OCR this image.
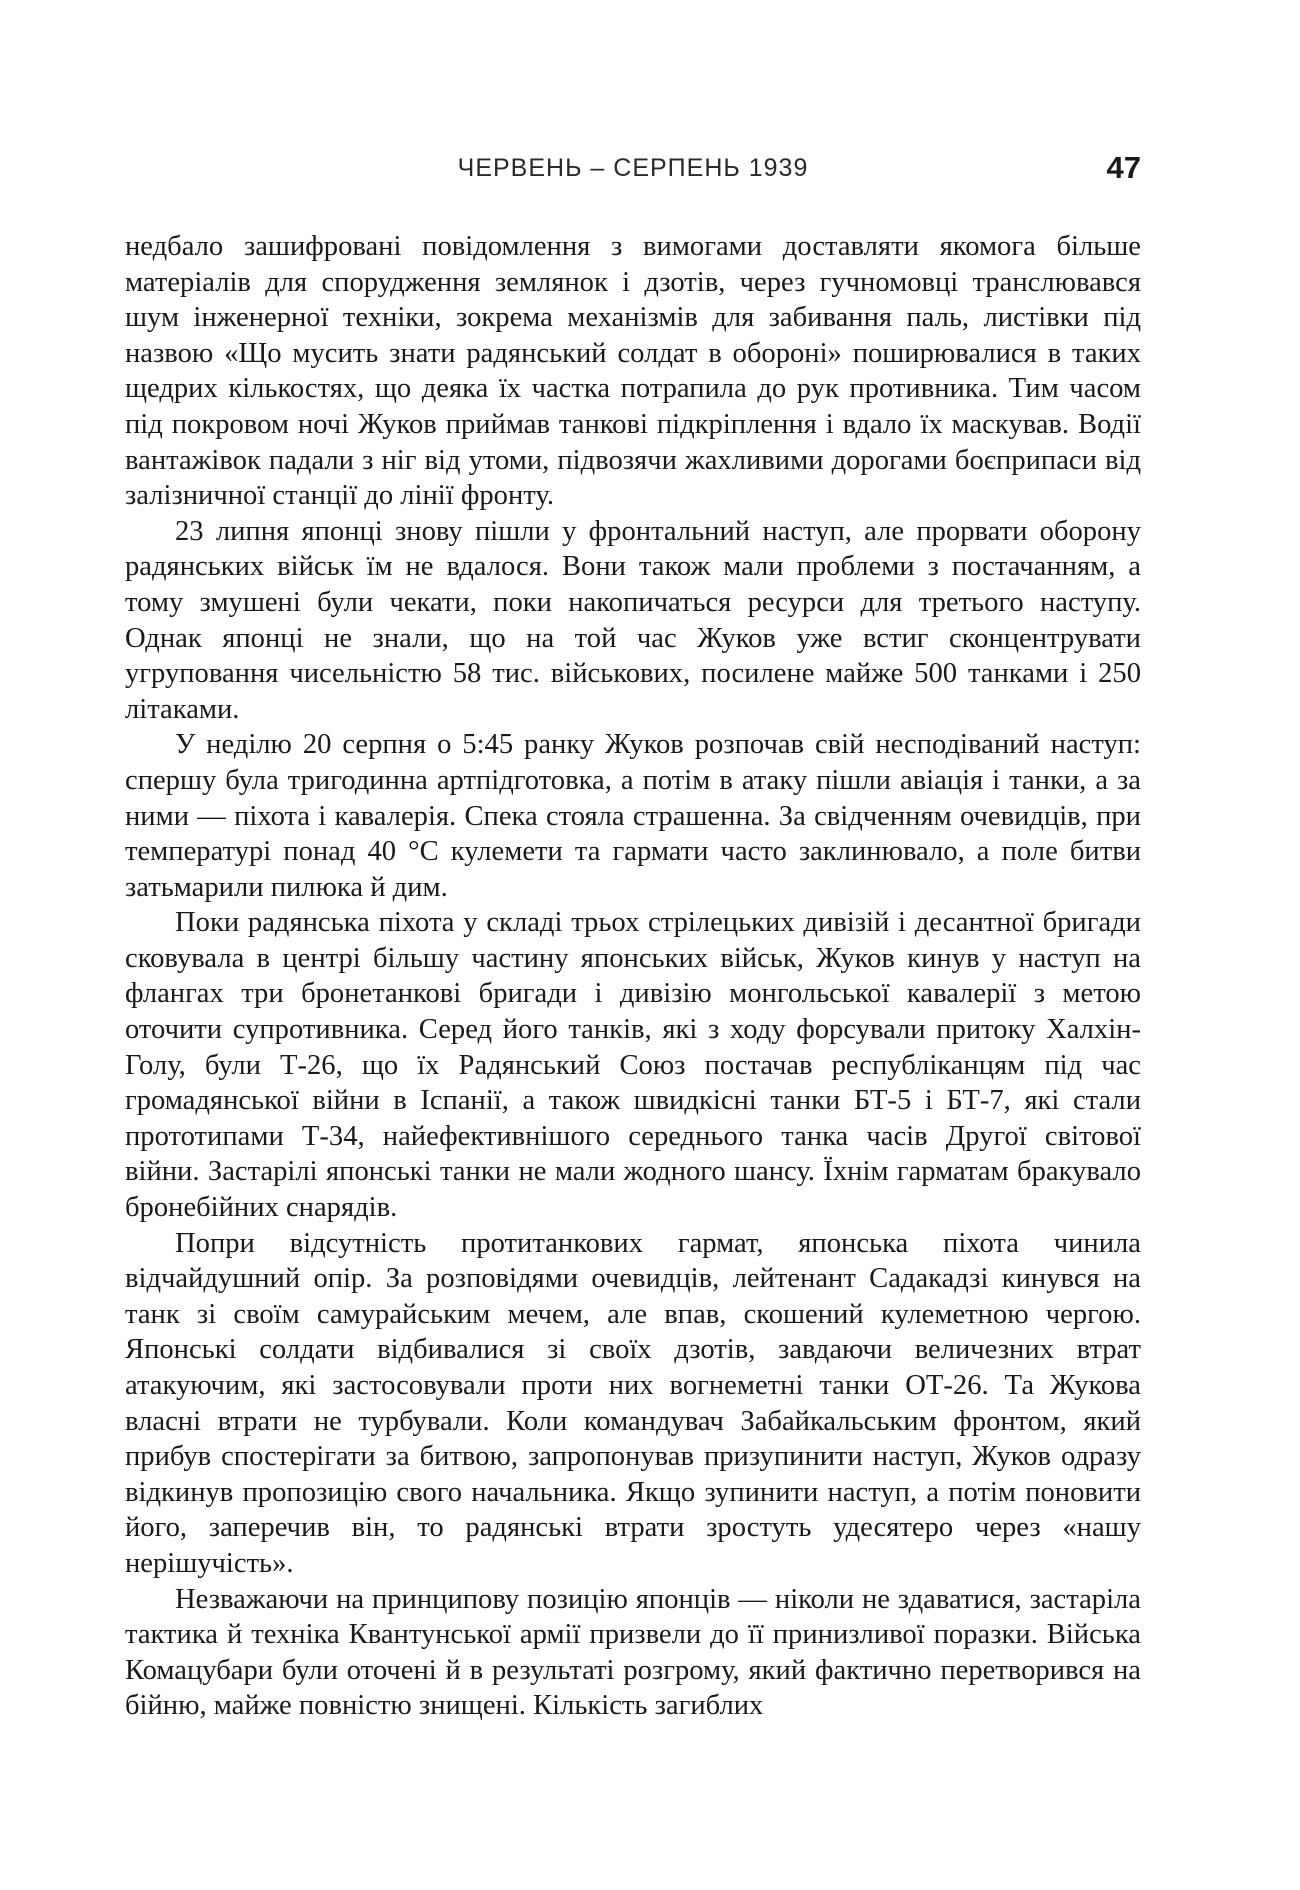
ЧЕРВЕНЬ – СЕРПЕНЬ 1939	47

недбало зашифровані повідомлення з вимогами доставляти якомога більше матеріалів для спорудження землянок і дзотів, через гучномовці транслювався шум інженерної техніки, зокрема механізмів для забивання паль, листівки під назвою «Що мусить знати радянський солдат в обороні» поширювалися в таких щедрих кількостях, що деяка їх частка потрапила до рук противника. Тим часом під покровом ночі Жуков приймав танкові підкріплення і вдало їх маскував. Водії вантажівок падали з ніг від утоми, підвозячи жахливими дорогами боєприпаси від залізничної станції до лінії фронту.

23 липня японці знову пішли у фронтальний наступ, але прорвати оборону радянських військ їм не вдалося. Вони також мали проблеми з постачанням, а тому змушені були чекати, поки накопичаться ресурси для третього наступу. Однак японці не знали, що на той час Жуков уже встиг сконцентрувати угруповання чисельністю 58 тис. військових, посилене майже 500 танками і 250 літаками.

У неділю 20 серпня о 5:45 ранку Жуков розпочав свій несподіваний наступ: спершу була тригодинна артпідготовка, а потім в атаку пішли авіація і танки, а за ними — піхота і кавалерія. Спека стояла страшенна. За свідченням очевидців, при температурі понад 40 °C кулемети та гармати часто заклинювало, а поле битви затьмарили пилюка й дим.

Поки радянська піхота у складі трьох стрілецьких дивізій і десантної бригади сковувала в центрі більшу частину японських військ, Жуков кинув у наступ на флангах три бронетанкові бригади і дивізію монгольської кавалерії з метою оточити супротивника. Серед його танків, які з ходу форсували притоку Халхін-Голу, були Т-26, що їх Радянський Союз постачав республіканцям під час громадянської війни в Іспанії, а також швидкісні танки БТ-5 і БТ-7, які стали прототипами Т-34, найефективнішого середнього танка часів Другої світової війни. Застарілі японські танки не мали жодного шансу. Їхнім гарматам бракувало бронебійних снарядів.

Попри відсутність протитанкових гармат, японська піхота чинила відчайдушний опір. За розповідями очевидців, лейтенант Садакадзі кинувся на танк зі своїм самурайським мечем, але впав, скошений кулеметною чергою. Японські солдати відбивалися зі своїх дзотів, завдаючи величезних втрат атакуючим, які застосовували проти них вогнеметні танки ОТ-26. Та Жукова власні втрати не турбували. Коли командувач Забайкальським фронтом, який прибув спостерігати за битвою, запропонував призупинити наступ, Жуков одразу відкинув пропозицію свого начальника. Якщо зупинити наступ, а потім поновити його, заперечив він, то радянські втрати зростуть удесятеро через «нашу нерішучість».

Незважаючи на принципову позицію японців — ніколи не здаватися, застаріла тактика й техніка Квантунської армії призвели до її принизливої поразки. Війська Комацубари були оточені й в результаті розгрому, який фактично перетворився на бійню, майже повністю знищені. Кількість загиблих
